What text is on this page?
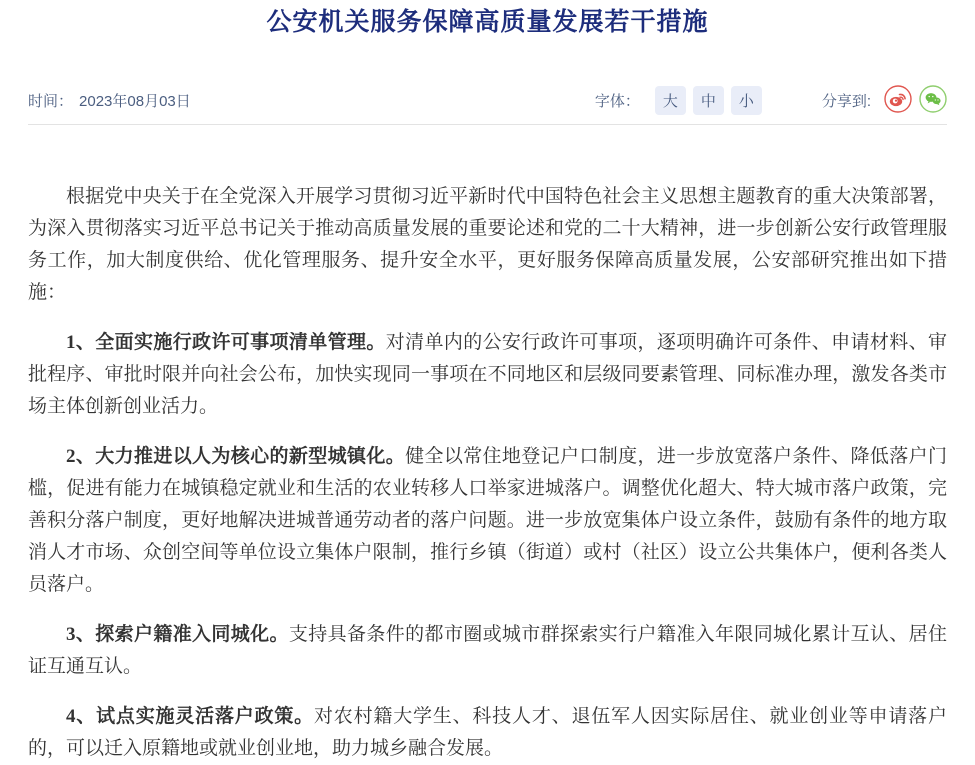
公安机关服务保障高质量发展若干措施
时间： 2023年08月03日	字体：	大	中	小	分享到:

根据党中央关于在全党深入开展学习贯彻习近平新时代中国特色社会主义思想主题教育的重大决策部署，为深入贯彻落实习近平总书记关于推动高质量发展的重要论述和党的二十大精神，进一步创新公安行政管理服务工作，加大制度供给、优化管理服务、提升安全水平，更好服务保障高质量发展，公安部研究推出如下措施：

1、全面实施行政许可事项清单管理。对清单内的公安行政许可事项，逐项明确许可条件、申请材料、审批程序、审批时限并向社会公布，加快实现同一事项在不同地区和层级同要素管理、同标准办理，激发各类市场主体创新创业活力。

2、大力推进以人为核心的新型城镇化。健全以常住地登记户口制度，进一步放宽落户条件、降低落户门槛，促进有能力在城镇稳定就业和生活的农业转移人口举家进城落户。调整优化超大、特大城市落户政策，完善积分落户制度，更好地解决进城普通劳动者的落户问题。进一步放宽集体户设立条件，鼓励有条件的地方取消人才市场、众创空间等单位设立集体户限制，推行乡镇（街道）或村（社区）设立公共集体户，便利各类人员落户。

3、探索户籍准入同城化。支持具备条件的都市圈或城市群探索实行户籍准入年限同城化累计互认、居住证互通互认。

4、试点实施灵活落户政策。对农村籍大学生、科技人才、退伍军人因实际居住、就业创业等申请落户的，可以迁入原籍地或就业创业地，助力城乡融合发展。
